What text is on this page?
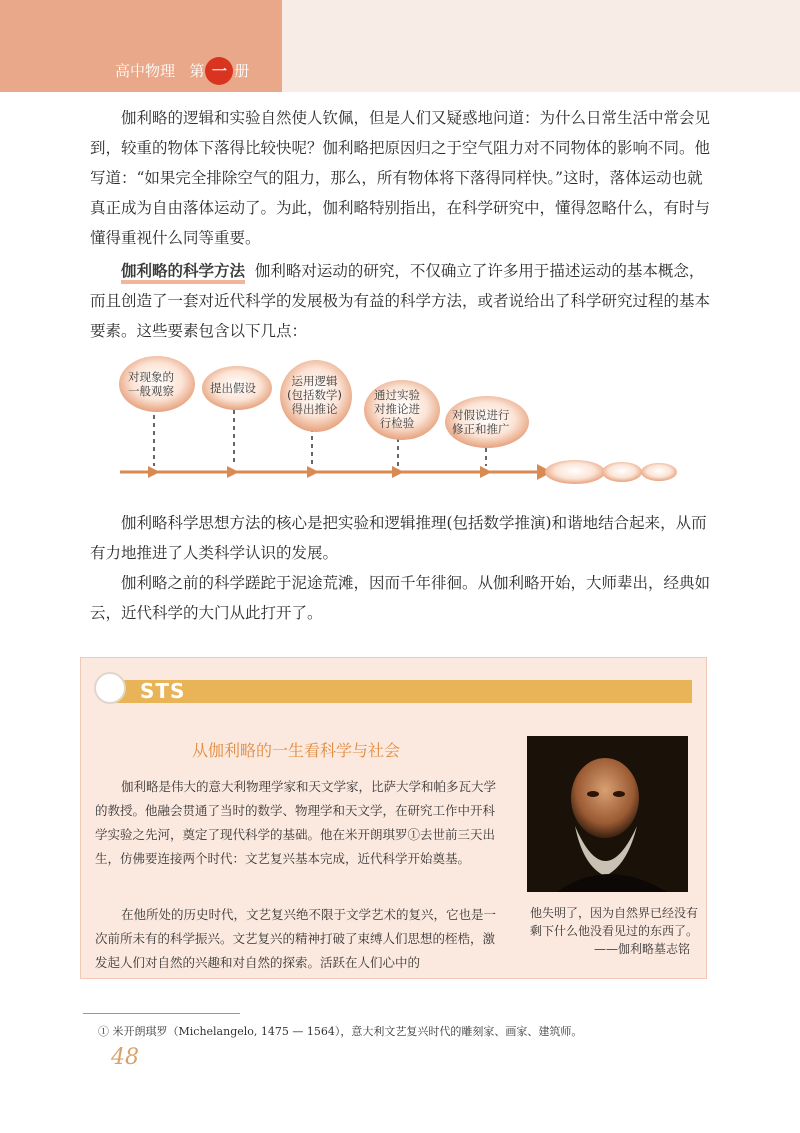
高中物理 第 一 册
伽利略的逻辑和实验自然使人钦佩，但是人们又疑惑地问道：为什么日常生活中常会见到，较重的物体下落得比较快呢？伽利略把原因归之于空气阻力对不同物体的影响不同。他写道：“如果完全排除空气的阻力，那么，所有物体将下落得同样快。”这时，落体运动也就真正成为自由落体运动了。为此，伽利略特别指出，在科学研究中，懂得忽略什么，有时与懂得重视什么同等重要。
伽利略的科学方法 伽利略对运动的研究，不仅确立了许多用于描述运动的基本概念，而且创造了一套对近代科学的发展极为有益的科学方法，或者说给出了科学研究过程的基本要素。这些要素包含以下几点：
对现象的
一般观察	提出假设	运用逻辑
(包括数学)
得出推论
通过实验
对推论进
行检验
对假说进行
修正和推广
伽利略科学思想方法的核心是把实验和逻辑推理(包括数学推演)和谐地结合起来，从而有力地推进了人类科学认识的发展。
伽利略之前的科学蹉跎于泥途荒滩，因而千年徘徊。从伽利略开始，大师辈出，经典如云，近代科学的大门从此打开了。
STS
从伽利略的一生看科学与社会
伽利略是伟大的意大利物理学家和天文学家，比萨大学和帕多瓦大学的教授。他融会贯通了当时的数学、物理学和天文学，在研究工作中开科学实验之先河，奠定了现代科学的基础。他在米开朗琪罗①去世前三天出生，仿佛要连接两个时代：文艺复兴基本完成，近代科学开始奠基。
在他所处的历史时代，文艺复兴绝不限于文学艺术的复兴，它也是一次前所未有的科学振兴。文艺复兴的精神打破了束缚人们思想的桎梏，激发起人们对自然的兴趣和对自然的探索。活跃在人们心中的
他失明了，因为自然界已经没有剩下什么他没看见过的东西了。
——伽利略墓志铭
① 米开朗琪罗（Michelangelo, 1475 — 1564），意大利文艺复兴时代的雕刻家、画家、建筑师。
48
